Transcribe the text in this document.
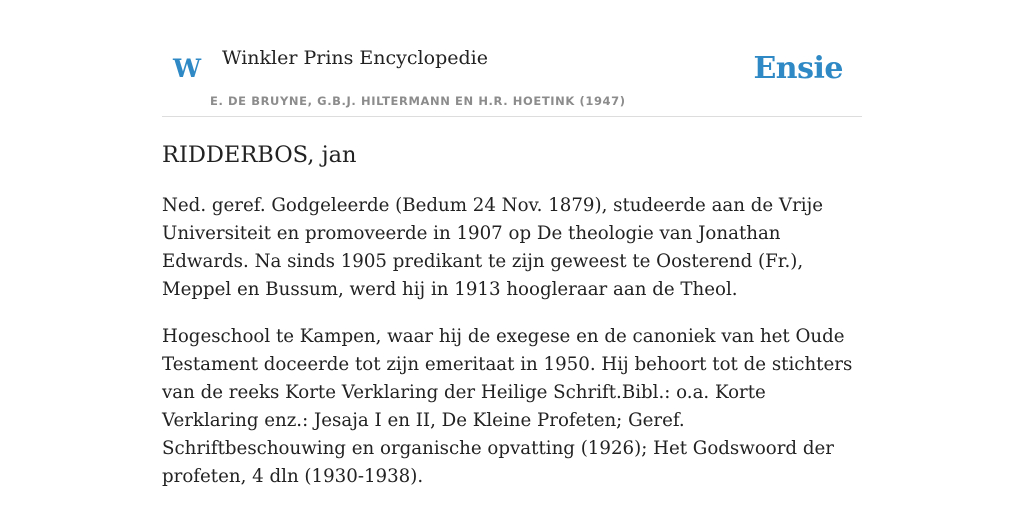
W Winkler Prins Encyclopedie
E. DE BRUYNE, G.B.J. HILTERMANN EN H.R. HOETINK (1947)
Ensie
RIDDERBOS, jan

Ned. geref. Godgeleerde (Bedum 24 Nov. 1879), studeerde aan de Vrije Universiteit en promoveerde in 1907 op De theologie van Jonathan Edwards. Na sinds 1905 predikant te zijn geweest te Oosterend (Fr.), Meppel en Bussum, werd hij in 1913 hoogleraar aan de Theol.

Hogeschool te Kampen, waar hij de exegese en de canoniek van het Oude Testament doceerde tot zijn emeritaat in 1950. Hij behoort tot de stichters van de reeks Korte Verklaring der Heilige Schrift.Bibl.: o.a. Korte Verklaring enz.: Jesaja I en II, De Kleine Profeten; Geref. Schriftbeschouwing en organische opvatting (1926); Het Godswoord der profeten, 4 dln (1930-1938).
